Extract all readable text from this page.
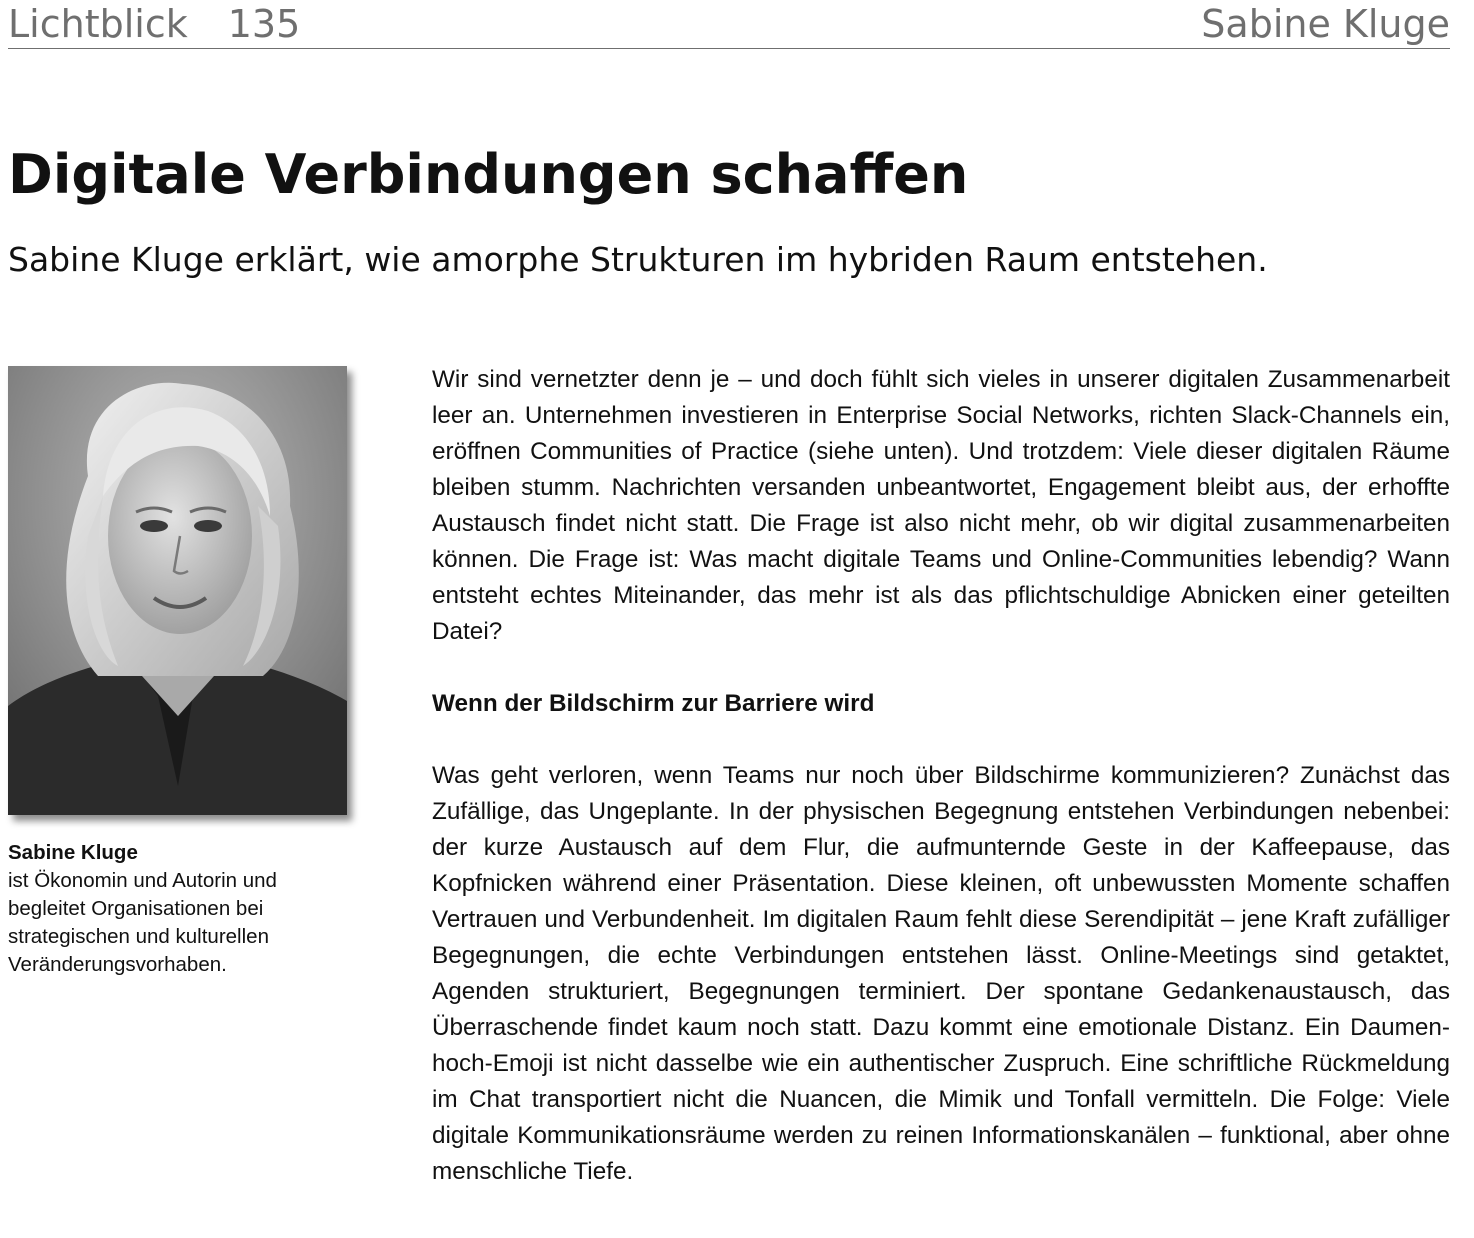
Lichtblick 135	Sabine Kluge
Digitale Verbindungen schaffen
Sabine Kluge erklärt, wie amorphe Strukturen im hybriden Raum entstehen.
Sabine Kluge
ist Ökonomin und Autorin und begleitet Organisationen bei strategischen und kulturellen Veränderungsvorhaben.

Wir sind vernetzter denn je – und doch fühlt sich vieles in unserer digitalen Zusammenarbeit leer an. Unternehmen investieren in Enterprise Social Networks, richten Slack-Channels ein, eröffnen Communities of Practice (siehe unten). Und trotzdem: Viele dieser digitalen Räume bleiben stumm. Nachrichten versanden unbeantwortet, Engagement bleibt aus, der erhoffte Austausch findet nicht statt. Die Frage ist also nicht mehr, ob wir digital zusammenarbeiten können. Die Frage ist: Was macht digitale Teams und Online-Communities lebendig? Wann entsteht echtes Miteinander, das mehr ist als das pflichtschuldige Abnicken einer geteilten Datei?

Wenn der Bildschirm zur Barriere wird

Was geht verloren, wenn Teams nur noch über Bildschirme kommunizieren? Zunächst das Zufällige, das Ungeplante. In der physischen Begegnung entstehen Verbindungen nebenbei: der kurze Austausch auf dem Flur, die aufmunternde Geste in der Kaffeepause, das Kopfnicken während einer Präsentation. Diese kleinen, oft unbewussten Momente schaffen Vertrauen und Verbundenheit. Im digitalen Raum fehlt diese Serendipität – jene Kraft zufälliger Begegnungen, die echte Verbindungen entstehen lässt. Online-Meetings sind getaktet, Agenden strukturiert, Begegnungen terminiert. Der spontane Gedankenaustausch, das Überraschende findet kaum noch statt. Dazu kommt eine emotionale Distanz. Ein Daumen-hoch-Emoji ist nicht dasselbe wie ein authentischer Zuspruch. Eine schriftliche Rückmeldung im Chat transportiert nicht die Nuancen, die Mimik und Tonfall vermitteln. Die Folge: Viele digitale Kommunikationsräume werden zu reinen Informationskanälen – funktional, aber ohne menschliche Tiefe.
